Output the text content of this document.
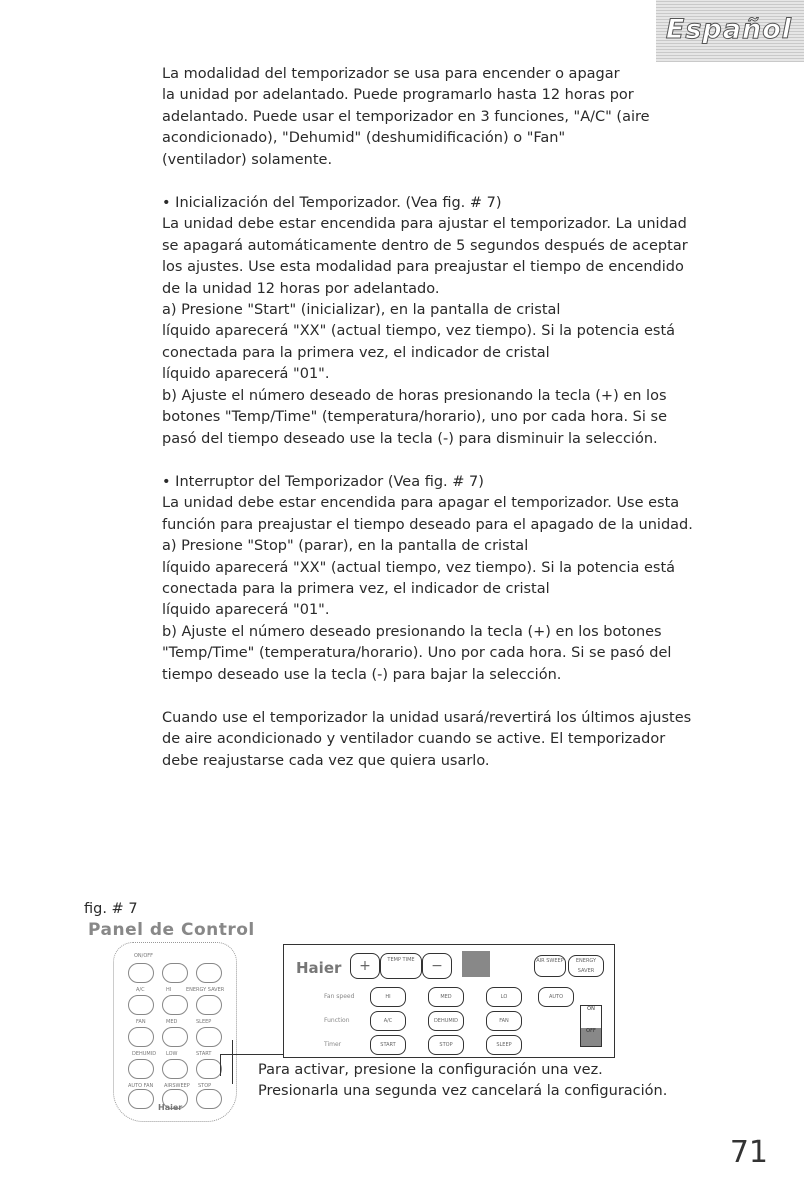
Español

La modalidad del temporizador se usa para encender o apagar

la unidad por adelantado. Puede programarlo hasta 12 horas por

adelantado. Puede usar el temporizador en 3 funciones, "A/C" (aire

acondicionado), "Dehumid" (deshumidificación) o "Fan"

(ventilador) solamente.

• Inicialización del Temporizador. (Vea fig. # 7)

La unidad debe estar encendida para ajustar el temporizador. La unidad

se apagará automáticamente dentro de 5 segundos después de aceptar

los ajustes. Use esta modalidad para preajustar el tiempo de encendido

de la unidad 12 horas por adelantado.

a) Presione "Start" (inicializar), en la pantalla de cristal

líquido aparecerá "XX" (actual tiempo, vez tiempo). Si la potencia está

conectada para la primera vez, el indicador de cristal

líquido aparecerá "01".

b) Ajuste el número deseado de horas presionando la tecla (+) en los

botones "Temp/Time" (temperatura/horario), uno por cada hora. Si se

pasó del tiempo deseado use la tecla (-) para disminuir la selección.

• Interruptor del Temporizador (Vea fig. # 7)

La unidad debe estar encendida para apagar el temporizador. Use esta

función para preajustar el tiempo deseado para el apagado de la unidad.

a) Presione "Stop" (parar), en la pantalla de cristal

líquido aparecerá "XX" (actual tiempo, vez tiempo). Si la potencia está

conectada para la primera vez, el indicador de cristal

líquido aparecerá "01".

b) Ajuste el número deseado presionando la tecla (+) en los botones

"Temp/Time" (temperatura/horario). Uno por cada hora. Si se pasó del

tiempo deseado use la tecla (-) para bajar la selección.

Cuando use el temporizador la unidad usará/revertirá los últimos ajustes

de aire acondicionado y ventilador cuando se active. El temporizador

debe reajustarse cada vez que quiera usarlo.

fig. # 7
Panel de Control
ON/OFF
A/C	HI	ENERGY SAVER
FAN	MED	SLEEP
DEHUMID LOW	START
AUTO FAN AIRSWEEP STOP
Haier
Haier	+	TEMP TIME	−	AIR SWEEP	ENERGY SAVER
Fan speed	HI	MED	LO	AUTO
Function	A/C	DEHUMID	FAN
Timer	START	STOP	SLEEP
ON
OFF

Para activar, presione la configuración una vez.

Presionarla una segunda vez cancelará la configuración.

71
